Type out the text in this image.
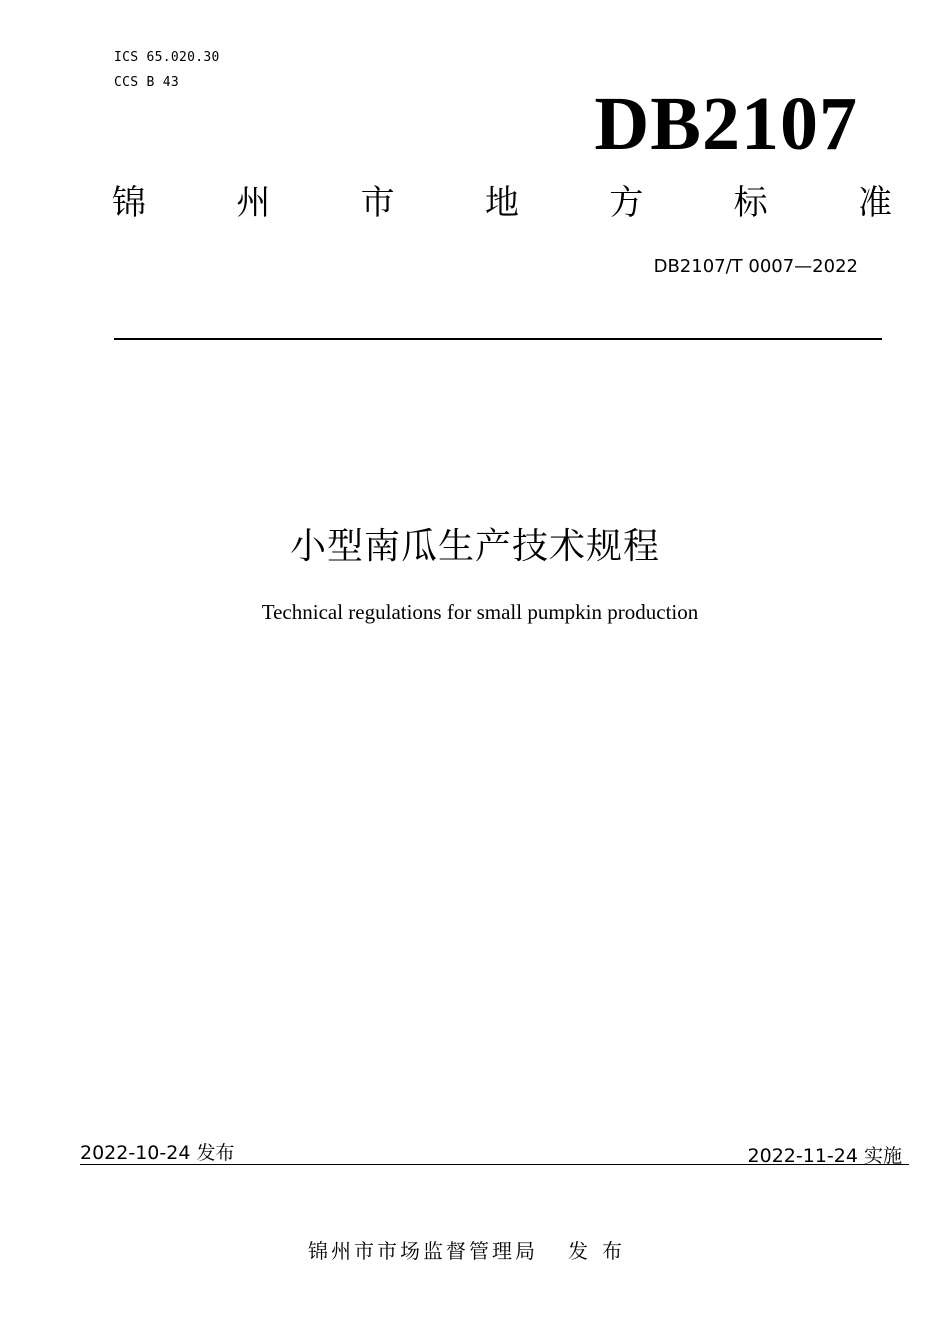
ICS 65.020.30
CCS B 43	DB2107
锦	州	市	地	方	标	准
DB2107/T 0007—2022
小型南瓜生产技术规程
Technical regulations for small pumpkin production
2022-10-24 发布	2022-11-24 实施
锦州市市场监督管理局 发布
